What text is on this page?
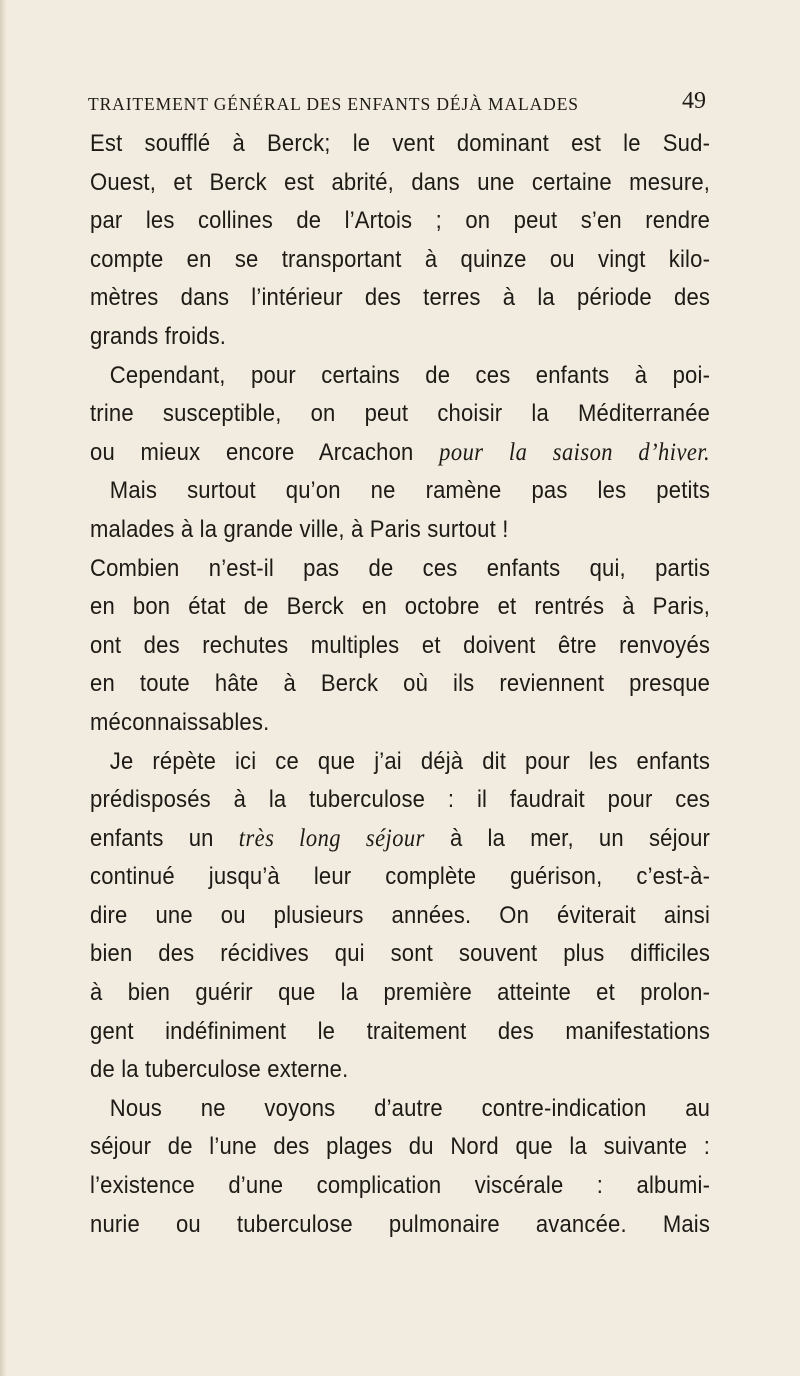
TRAITEMENT GÉNÉRAL DES ENFANTS DÉJÀ MALADES	49
Est soufflé à Berck; le vent dominant est le Sud-
Ouest, et Berck est abrité, dans une certaine mesure,
par les collines de l’Artois ; on peut s’en rendre
compte en se transportant à quinze ou vingt kilo-
mètres dans l’intérieur des terres à la période des
grands froids.
Cependant, pour certains de ces enfants à poi-
trine susceptible, on peut choisir la Méditerranée
ou mieux encore Arcachon pour la saison d’hiver.
Mais surtout qu’on ne ramène pas les petits
malades à la grande ville, à Paris surtout !
Combien n’est-il pas de ces enfants qui, partis
en bon état de Berck en octobre et rentrés à Paris,
ont des rechutes multiples et doivent être renvoyés
en toute hâte à Berck où ils reviennent presque
méconnaissables.
Je répète ici ce que j’ai déjà dit pour les enfants
prédisposés à la tuberculose : il faudrait pour ces
enfants un très long séjour à la mer, un séjour
continué jusqu’à leur complète guérison, c’est-à-
dire une ou plusieurs années. On éviterait ainsi
bien des récidives qui sont souvent plus difficiles
à bien guérir que la première atteinte et prolon-
gent indéfiniment le traitement des manifestations
de la tuberculose externe.
Nous ne voyons d’autre contre-indication au
séjour de l’une des plages du Nord que la suivante :
l’existence d’une complication viscérale : albumi-
nurie ou tuberculose pulmonaire avancée. Mais
